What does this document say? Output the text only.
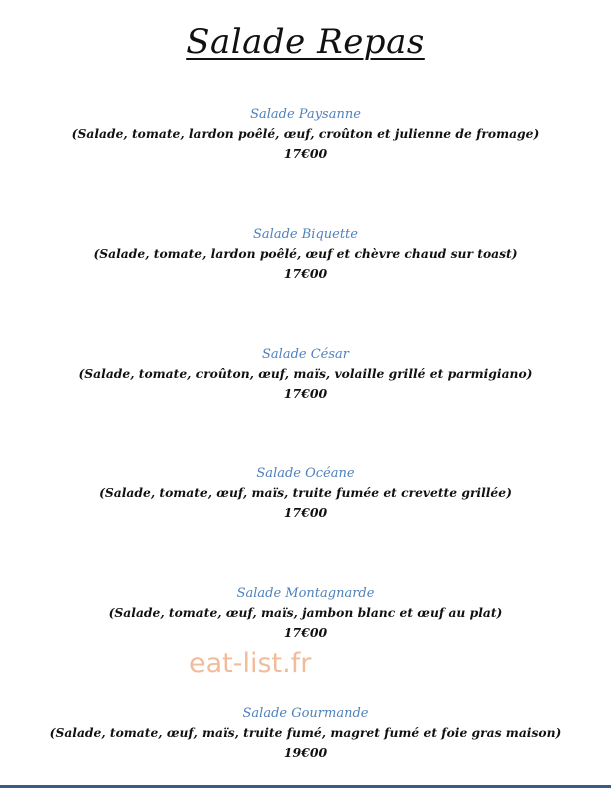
Salade Repas
Salade Paysanne
(Salade, tomate, lardon poêlé, œuf, croûton et julienne de fromage)
17€00
Salade Biquette
(Salade, tomate, lardon poêlé, œuf et chèvre chaud sur toast)
17€00
Salade César
(Salade, tomate, croûton, œuf, maïs, volaille grillé et parmigiano)
17€00
Salade Océane
(Salade, tomate, œuf, maïs, truite fumée et crevette grillée)
17€00
Salade Montagnarde
(Salade, tomate, œuf, maïs, jambon blanc et œuf au plat)
17€00
eat-list.fr
Salade Gourmande
(Salade, tomate, œuf, maïs, truite fumé, magret fumé et foie gras maison)
19€00
